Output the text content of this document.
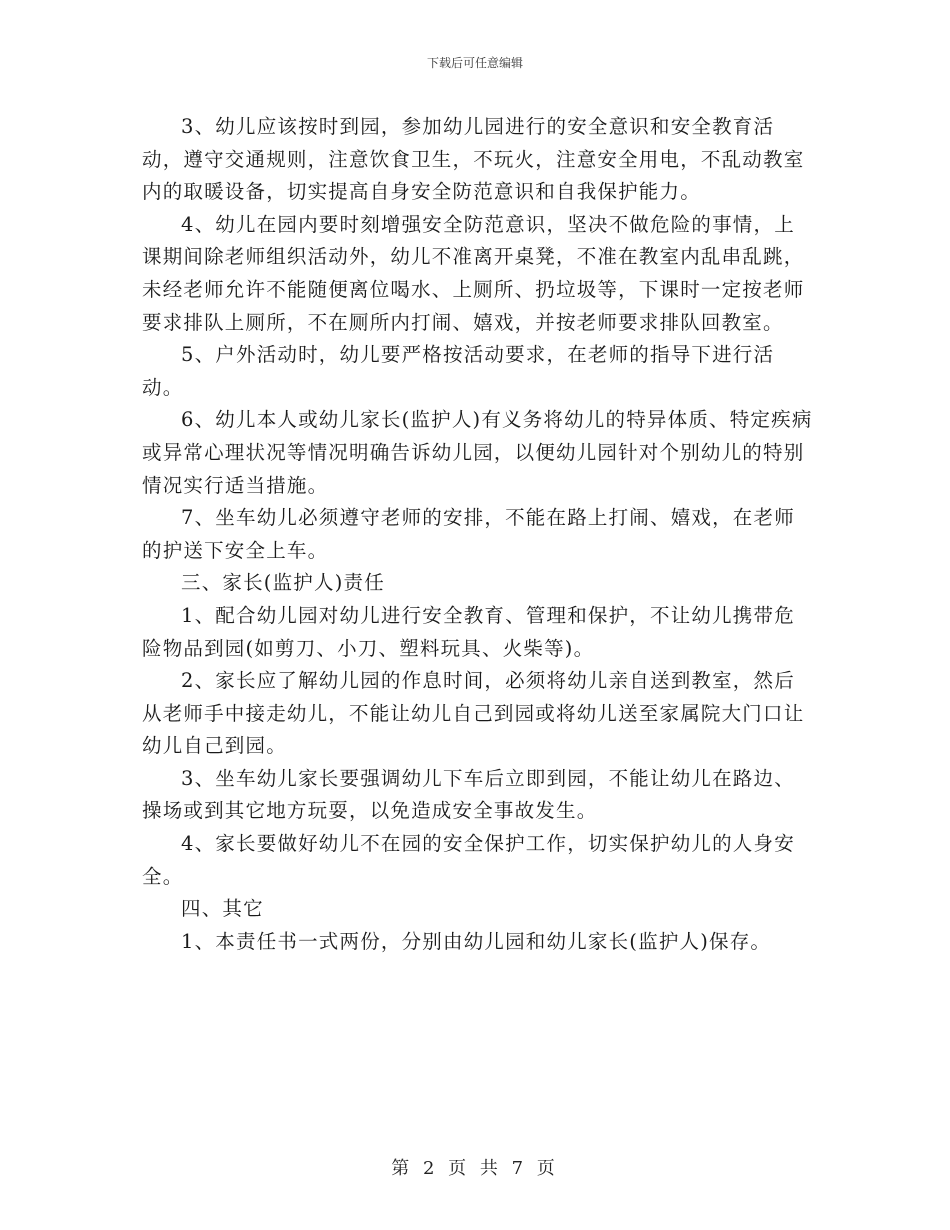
下载后可任意编辑

3、幼儿应该按时到园，参加幼儿园进行的安全意识和安全教育活动，遵守交通规则，注意饮食卫生，不玩火，注意安全用电，不乱动教室内的取暖设备，切实提高自身安全防范意识和自我保护能力。

4、幼儿在园内要时刻增强安全防范意识，坚决不做危险的事情，上课期间除老师组织活动外，幼儿不准离开桌凳，不准在教室内乱串乱跳，未经老师允许不能随便离位喝水、上厕所、扔垃圾等，下课时一定按老师要求排队上厕所，不在厕所内打闹、嬉戏，并按老师要求排队回教室。

5、户外活动时，幼儿要严格按活动要求，在老师的指导下进行活动。

6、幼儿本人或幼儿家长(监护人)有义务将幼儿的特异体质、特定疾病或异常心理状况等情况明确告诉幼儿园，以便幼儿园针对个别幼儿的特别情况实行适当措施。

7、坐车幼儿必须遵守老师的安排，不能在路上打闹、嬉戏，在老师的护送下安全上车。

三、家长(监护人)责任

1、配合幼儿园对幼儿进行安全教育、管理和保护，不让幼儿携带危险物品到园(如剪刀、小刀、塑料玩具、火柴等)。

2、家长应了解幼儿园的作息时间，必须将幼儿亲自送到教室，然后从老师手中接走幼儿，不能让幼儿自己到园或将幼儿送至家属院大门口让幼儿自己到园。

3、坐车幼儿家长要强调幼儿下车后立即到园，不能让幼儿在路边、操场或到其它地方玩耍，以免造成安全事故发生。

4、家长要做好幼儿不在园的安全保护工作，切实保护幼儿的人身安全。

四、其它

1、本责任书一式两份，分别由幼儿园和幼儿家长(监护人)保存。

第 2 页 共 7 页
